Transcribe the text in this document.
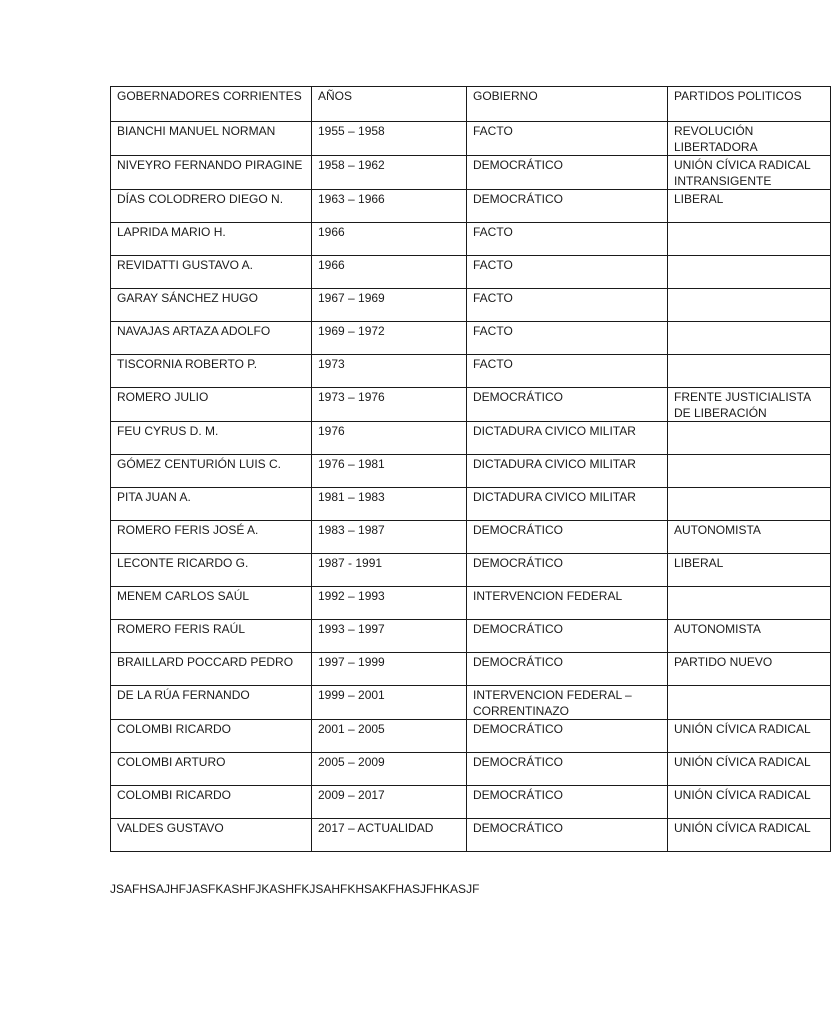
GOBERNADORES CORRIENTES	AÑOS	GOBIERNO	PARTIDOS POLITICOS
BIANCHI MANUEL NORMAN	1955 – 1958	FACTO	REVOLUCIÓN LIBERTADORA
NIVEYRO FERNANDO PIRAGINE	1958 – 1962	DEMOCRÁTICO	UNIÓN CÍVICA RADICAL INTRANSIGENTE
DÍAS COLODRERO DIEGO N.	1963 – 1966	DEMOCRÁTICO	LIBERAL
LAPRIDA MARIO H.	1966	FACTO	
REVIDATTI GUSTAVO A.	1966	FACTO	
GARAY SÁNCHEZ HUGO	1967 – 1969	FACTO	
NAVAJAS ARTAZA ADOLFO	1969 – 1972	FACTO	
TISCORNIA ROBERTO P.	1973	FACTO	
ROMERO JULIO	1973 – 1976	DEMOCRÁTICO	FRENTE JUSTICIALISTA DE LIBERACIÓN
FEU CYRUS D. M.	1976	DICTADURA CIVICO MILITAR	
GÓMEZ CENTURIÓN LUIS C.	1976 – 1981	DICTADURA CIVICO MILITAR	
PITA JUAN A.	1981 – 1983	DICTADURA CIVICO MILITAR	
ROMERO FERIS JOSÉ A.	1983 – 1987	DEMOCRÁTICO	AUTONOMISTA
LECONTE RICARDO G.	1987 - 1991	DEMOCRÁTICO	LIBERAL
MENEM CARLOS SAÚL	1992 – 1993	INTERVENCION FEDERAL	
ROMERO FERIS RAÚL	1993 – 1997	DEMOCRÁTICO	AUTONOMISTA
BRAILLARD POCCARD PEDRO	1997 – 1999	DEMOCRÁTICO	PARTIDO NUEVO
DE LA RÚA FERNANDO	1999 – 2001	INTERVENCION FEDERAL – CORRENTINAZO	
COLOMBI RICARDO	2001 – 2005	DEMOCRÁTICO	UNIÓN CÍVICA RADICAL
COLOMBI ARTURO	2005 – 2009	DEMOCRÁTICO	UNIÓN CÍVICA RADICAL
COLOMBI RICARDO	2009 – 2017	DEMOCRÁTICO	UNIÓN CÍVICA RADICAL
VALDES GUSTAVO	2017 – ACTUALIDAD	DEMOCRÁTICO	UNIÓN CÍVICA RADICAL
JSAFHSAJHFJASFKASHFJKASHFKJSAHFKHSAKFHASJFHKASJF
